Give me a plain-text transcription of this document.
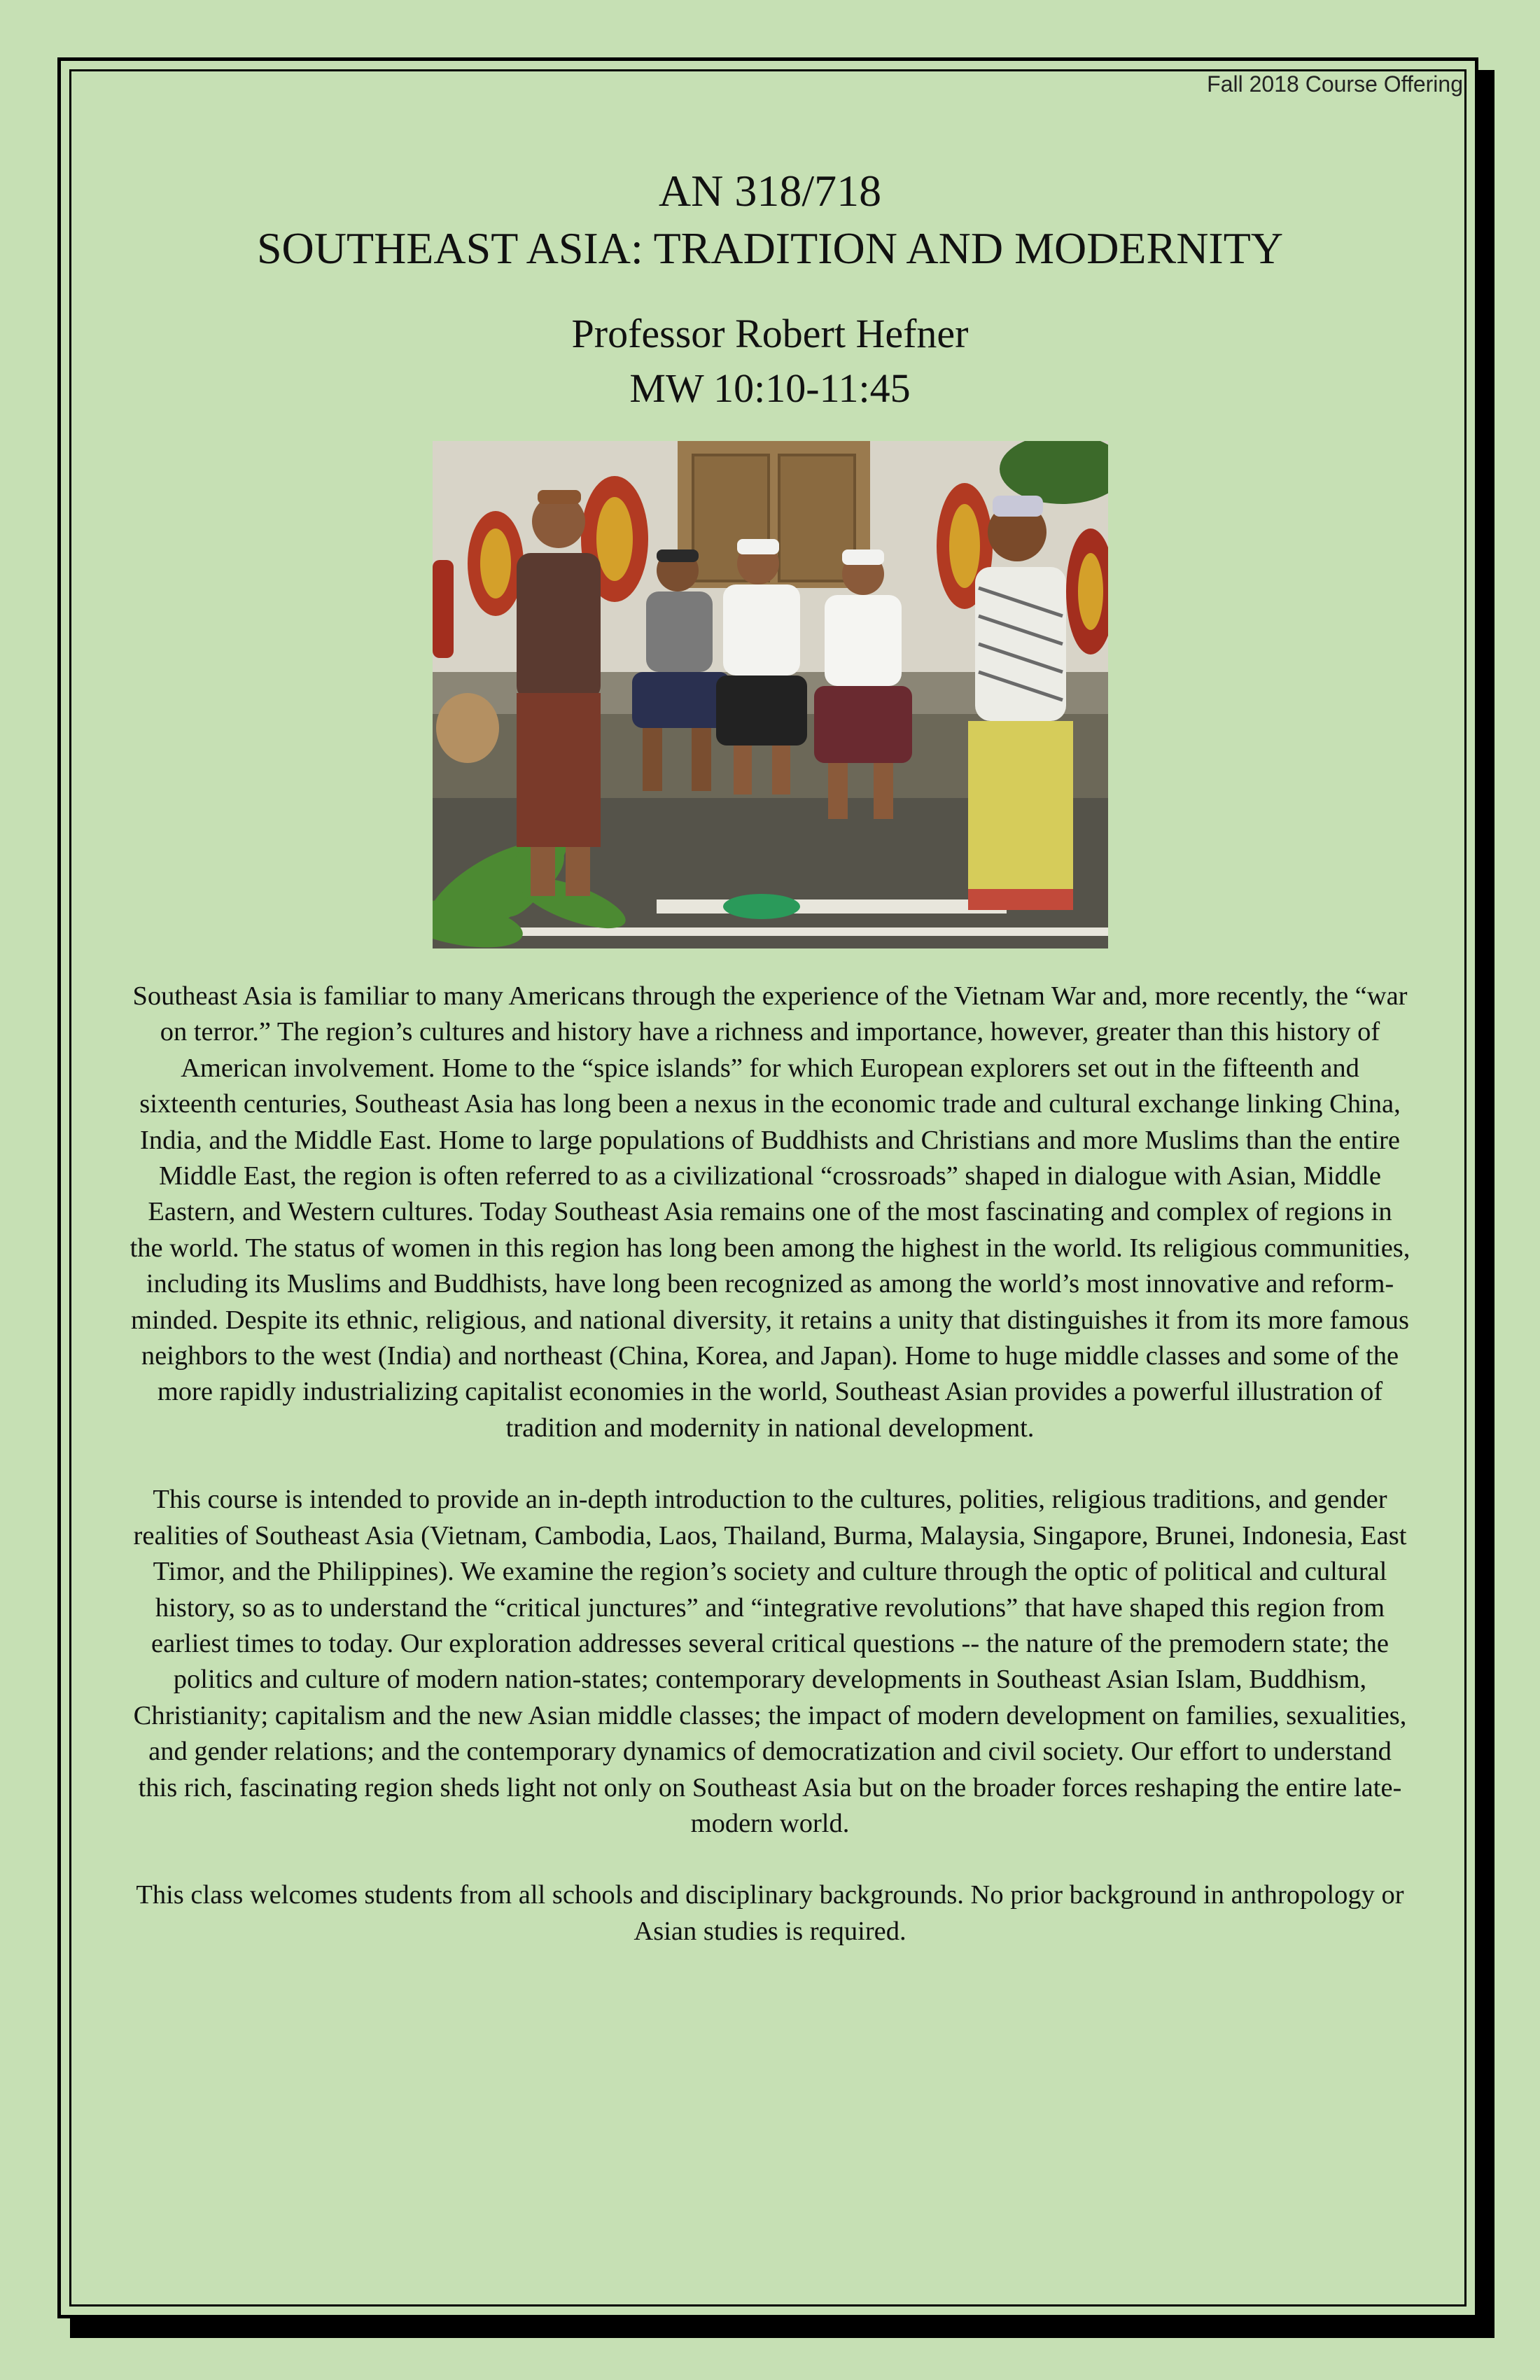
Fall 2018 Course Offering
AN 318/718
SOUTHEAST ASIA: TRADITION AND MODERNITY
Professor Robert Hefner
MW 10:10-11:45

Southeast Asia is familiar to many Americans through the experience of the Vietnam War and, more recently, the “war on terror.” The region’s cultures and history have a richness and importance, however, greater than this history of American involvement. Home to the “spice islands” for which European explorers set out in the fifteenth and sixteenth centuries, Southeast Asia has long been a nexus in the economic trade and cultural exchange linking China, India, and the Middle East. Home to large populations of Buddhists and Christians and more Muslims than the entire Middle East, the region is often referred to as a civilizational “crossroads” shaped in dialogue with Asian, Middle Eastern, and Western cultures. Today Southeast Asia remains one of the most fascinating and complex of regions in the world. The status of women in this region has long been among the highest in the world. Its religious communities, including its Muslims and Buddhists, have long been recognized as among the world’s most innovative and reform-minded. Despite its ethnic, religious, and national diversity, it retains a unity that distinguishes it from its more famous neighbors to the west (India) and northeast (China, Korea, and Japan). Home to huge middle classes and some of the more rapidly industrializing capitalist economies in the world, Southeast Asian provides a powerful illustration of tradition and modernity in national development.

This course is intended to provide an in-depth introduction to the cultures, polities, religious traditions, and gender realities of Southeast Asia (Vietnam, Cambodia, Laos, Thailand, Burma, Malaysia, Singapore, Brunei, Indonesia, East Timor, and the Philippines). We examine the region’s society and culture through the optic of political and cultural history, so as to understand the “critical junctures” and “integrative revolutions” that have shaped this region from earliest times to today. Our exploration addresses several critical questions -- the nature of the premodern state; the politics and culture of modern nation-states; contemporary developments in Southeast Asian Islam, Buddhism, Christianity; capitalism and the new Asian middle classes; the impact of modern development on families, sexualities, and gender relations; and the contemporary dynamics of democratization and civil society. Our effort to understand this rich, fascinating region sheds light not only on Southeast Asia but on the broader forces reshaping the entire late-modern world.

This class welcomes students from all schools and disciplinary backgrounds. No prior background in anthropology or Asian studies is required.
